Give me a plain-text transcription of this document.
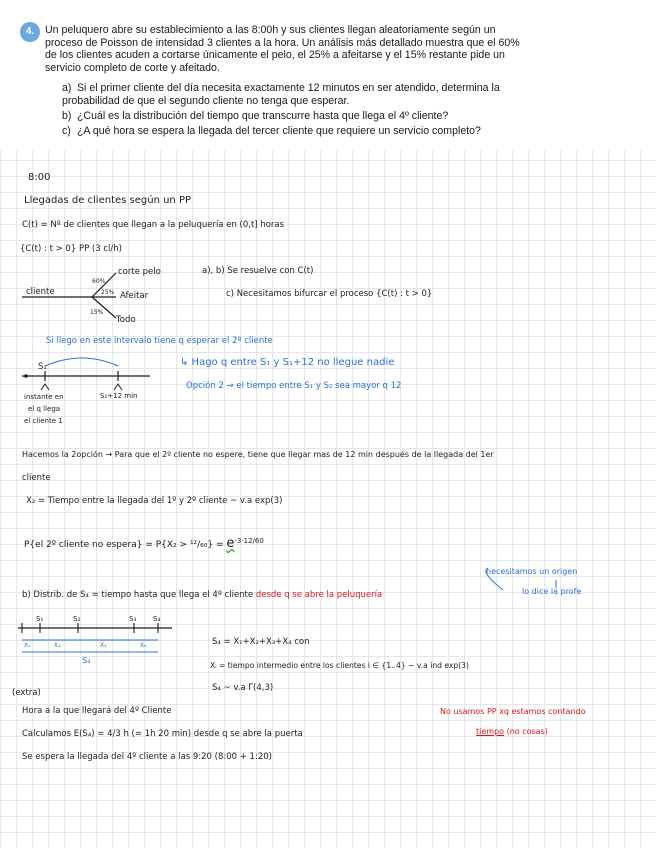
4.	Un peluquero abre su establecimiento a las 8:00h y sus clientes llegan aleatoriamente según un proceso de Poisson de intensidad 3 clientes a la hora. Un análisis más detallado muestra que el 60% de los clientes acuden a cortarse únicamente el pelo, el 25% a afeitarse y el 15% restante pide un servicio completo de corte y afeitado.
a) Si el primer cliente del día necesita exactamente 12 minutos en ser atendido, determina la probabilidad de que el segundo cliente no tenga que esperar.
b) ¿Cuál es la distribución del tiempo que transcurre hasta que llega el 4º cliente?
c) ¿A qué hora se espera la llegada del tercer cliente que requiere un servicio completo?
8:00
Llegadas de clientes según un PP
C(t) = Nº de clientes que llegan a la peluquería en (0,t] horas
{C(t) : t > 0} PP (3 cl/h)
cliente
60%
25%
15%
corte pelo
Afeitar
Todo
a), b) Se resuelve con C(t)
c) Necesitamos bifurcar el proceso {C(t) : t > 0}
Si llego en este intervalo tiene q esperar el 2º cliente
↳ Hago q entre S₁ y S₁+12 no llegue nadie
Opción 2 → el tiempo entre S₁ y S₂ sea mayor q 12
S₁
S₁+12 min
instante en
el q llega
el cliente 1
Hacemos la 2opción → Para que el 2º cliente no espere, tiene que llegar mas de 12 min después de la llegada del 1er
cliente
X₂ = Tiempo entre la llegada del 1º y 2º cliente ~ v.a exp(3)
P{el 2º cliente no espera} = $P\{X_2 > ^{12}/_{60}\} = e^{-3\cdot 12/60}$
necesitamos un origen
lo dice la profe
b) Distrib. de S₄ = tiempo hasta que llega el 4º cliente desde q se abre la peluquería
S₁	S₂	S₃ S₄
X₁	X₂	X₃	X₄
S₄
S₄ = X₁+X₂+X₃+X₄ con
Xᵢ = tiempo intermedio entre los clientes i ∈ {1..4} ~ v.a ind exp(3)
S₄ ~ v.a Γ(4,3)
(extra)
Hora a la que llegará del 4º Cliente
Calculamos E(S₄) = 4/3 h (= 1h 20 min) desde q se abre la puerta
Se espera la llegada del 4º cliente a las 9:20 (8:00 + 1:20)
No usamos PP xq estamos contando
tiempo (no cosas)
